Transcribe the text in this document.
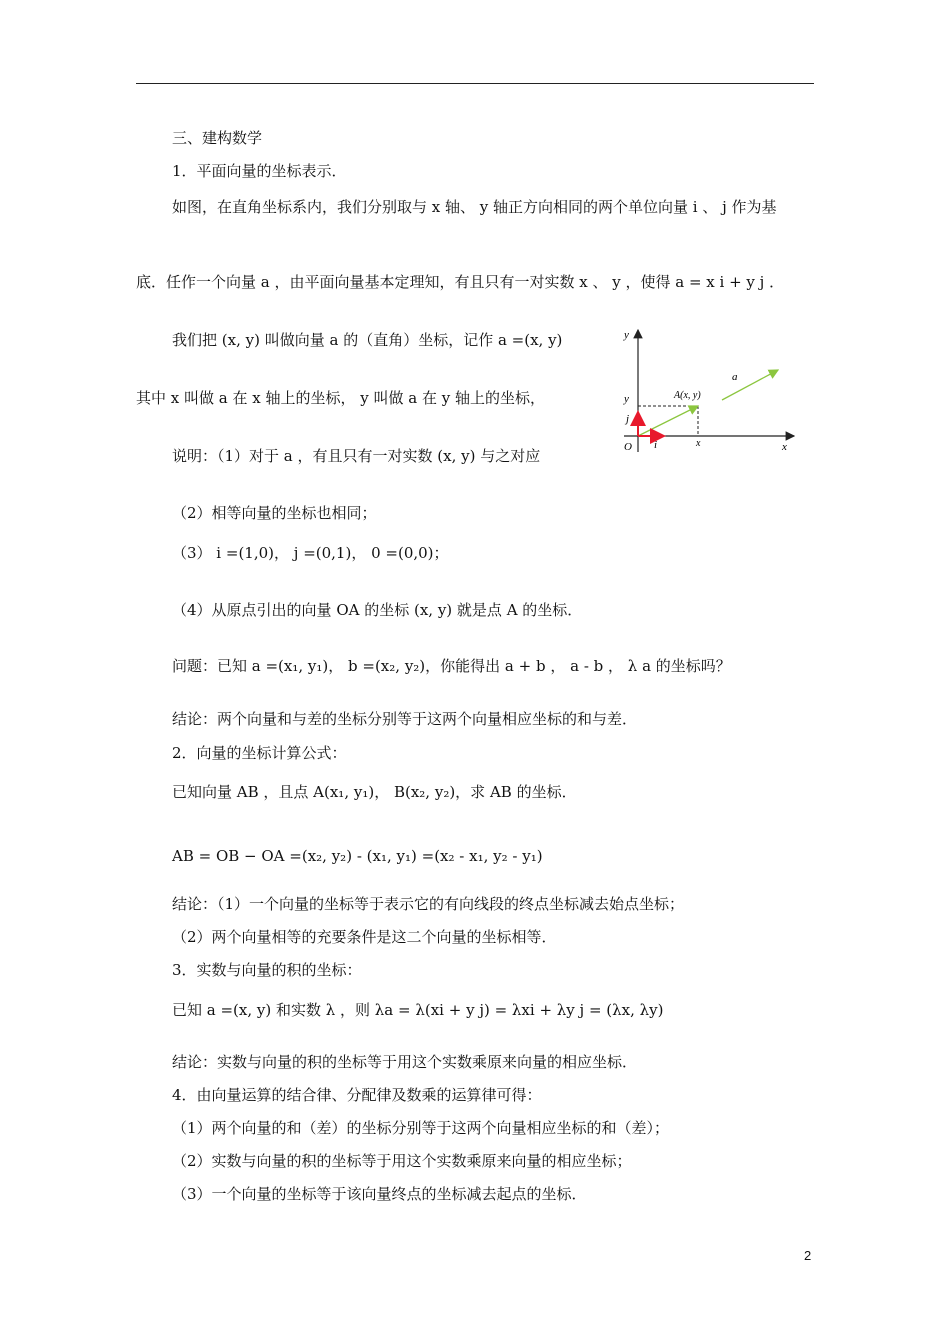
三、建构数学
1．平面向量的坐标表示．
如图，在直角坐标系内，我们分别取与 x 轴、 y 轴正方向相同的两个单位向量 i 、 j 作为基
底．任作一个向量 a ，由平面向量基本定理知，有且只有一对实数 x 、 y ，使得 a = x i + y j ．
我们把 (x, y) 叫做向量 a 的（直角）坐标，记作 a =(x, y)
其中 x 叫做 a 在 x 轴上的坐标， y 叫做 a 在 y 轴上的坐标，
说明：（1）对于 a ，有且只有一对实数 (x, y) 与之对应
（2）相等向量的坐标也相同；
（3） i =(1,0)， j =(0,1)， 0 =(0,0)；
（4）从原点引出的向量 OA 的坐标 (x, y) 就是点 A 的坐标．
问题：已知 a =(x₁, y₁)， b =(x₂, y₂)，你能得出 a + b ， a - b ， λ a 的坐标吗？
结论：两个向量和与差的坐标分别等于这两个向量相应坐标的和与差．
2．向量的坐标计算公式：
已知向量 AB ，且点 A(x₁, y₁)， B(x₂, y₂)，求 AB 的坐标．
AB = OB − OA =(x₂, y₂) - (x₁, y₁) =(x₂ - x₁, y₂ - y₁)
结论：（1）一个向量的坐标等于表示它的有向线段的终点坐标减去始点坐标；
（2）两个向量相等的充要条件是这二个向量的坐标相等．
3．实数与向量的积的坐标：
已知 a =(x, y) 和实数 λ ，则 λa = λ(xi + y j) = λxi + λy j = (λx, λy)
结论：实数与向量的积的坐标等于用这个实数乘原来向量的相应坐标．
4．由向量运算的结合律、分配律及数乘的运算律可得：
（1）两个向量的和（差）的坐标分别等于这两个向量相应坐标的和（差）；
（2）实数与向量的积的坐标等于用这个实数乘原来向量的相应坐标；
（3）一个向量的坐标等于该向量终点的坐标减去起点的坐标．
y
x
y
x
O i
j
A(x, y)
a
2
